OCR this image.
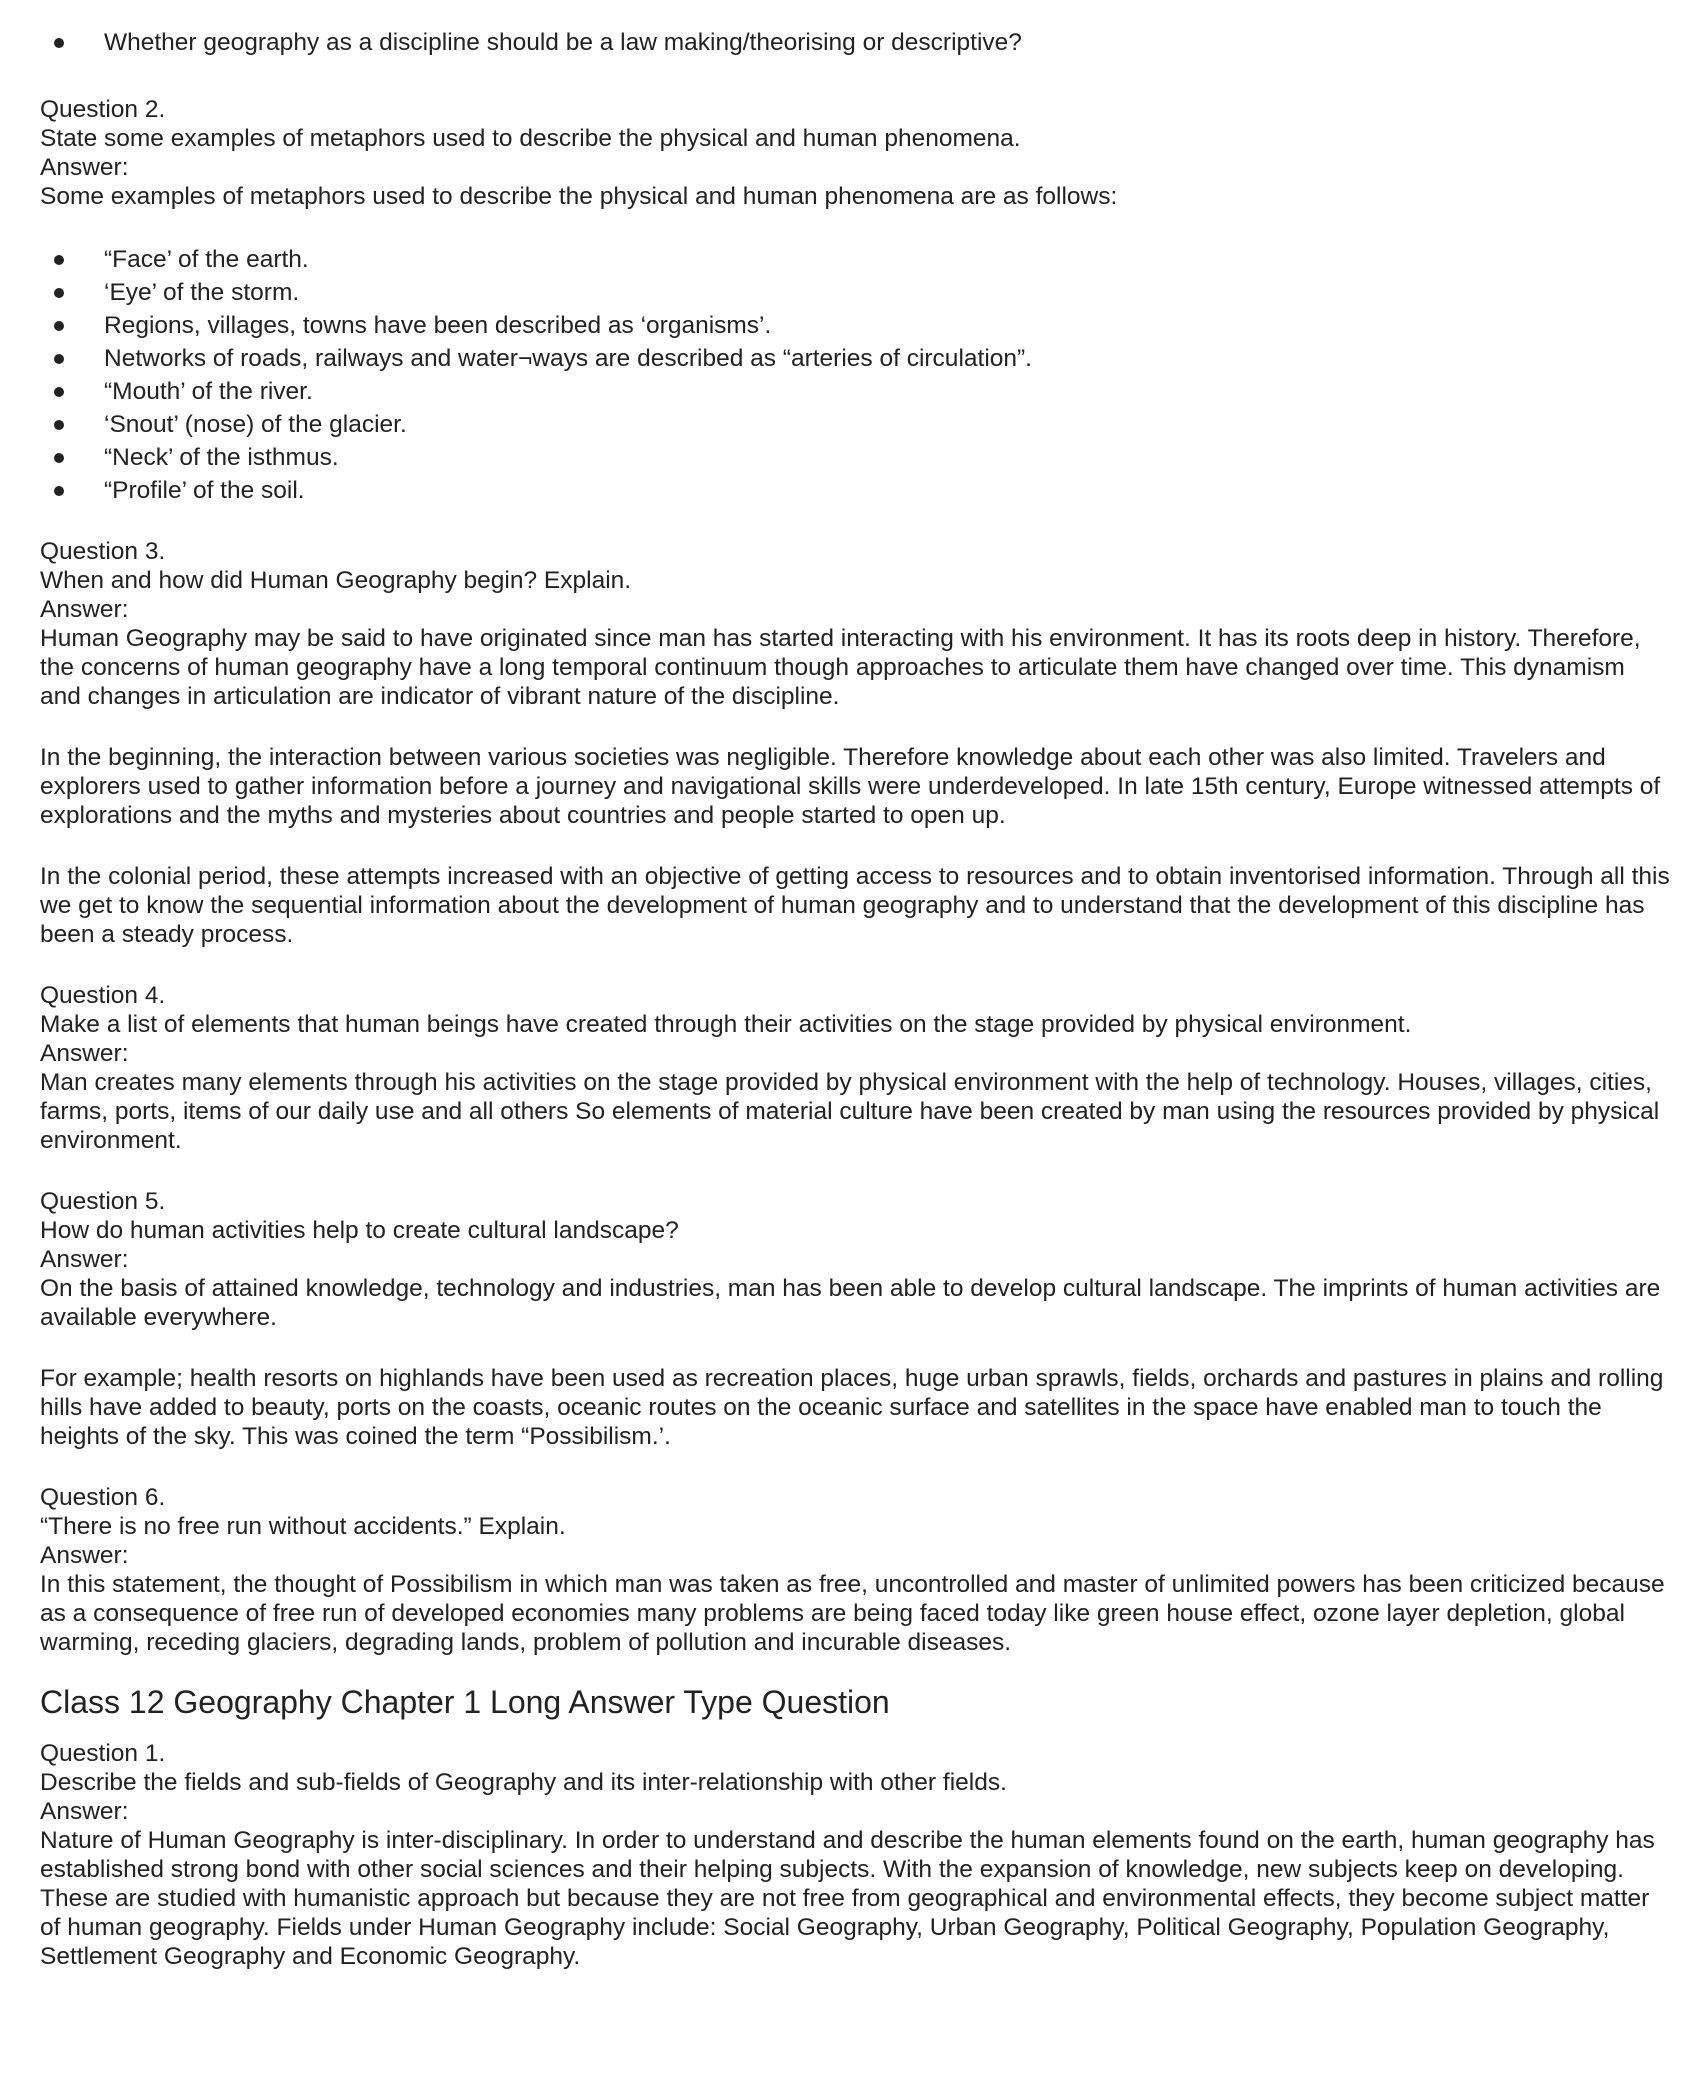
Whether geography as a discipline should be a law making/theorising or descriptive?
Question 2.
State some examples of metaphors used to describe the physical and human phenomena.
Answer:
Some examples of metaphors used to describe the physical and human phenomena are as follows:
“Face’ of the earth.
‘Eye’ of the storm.
Regions, villages, towns have been described as ‘organisms’.
Networks of roads, railways and water¬ways are described as “arteries of circulation”.
“Mouth’ of the river.
‘Snout’ (nose) of the glacier.
“Neck’ of the isthmus.
“Profile’ of the soil.
Question 3.
When and how did Human Geography begin? Explain.
Answer:

Human Geography may be said to have originated since man has started interacting with his environment. It has its roots deep in history. Therefore, the concerns of human geography have a long temporal continuum though approaches to articulate them have changed over time. This dynamism and changes in articulation are indicator of vibrant nature of the discipline.

In the beginning, the interaction between various societies was negligible. Therefore knowledge about each other was also limited. Travelers and explorers used to gather information before a journey and navigational skills were underdeveloped. In late 15th century, Europe witnessed attempts of explorations and the myths and mysteries about countries and people started to open up.

In the colonial period, these attempts increased with an objective of getting access to resources and to obtain inventorised information. Through all this we get to know the sequential information about the development of human geography and to understand that the development of this discipline has been a steady process.

Question 4.
Make a list of elements that human beings have created through their activities on the stage provided by physical environment.
Answer:

Man creates many elements through his activities on the stage provided by physical environment with the help of technology. Houses, villages, cities, farms, ports, items of our daily use and all others So elements of material culture have been created by man using the resources provided by physical environment.

Question 5.
How do human activities help to create cultural landscape?
Answer:

On the basis of attained knowledge, technology and industries, man has been able to develop cultural landscape. The imprints of human activities are available everywhere.

For example; health resorts on highlands have been used as recreation places, huge urban sprawls, fields, orchards and pastures in plains and rolling hills have added to beauty, ports on the coasts, oceanic routes on the oceanic surface and satellites in the space have enabled man to touch the heights of the sky. This was coined the term “Possibilism.’.

Question 6.
“There is no free run without accidents.” Explain.
Answer:

In this statement, the thought of Possibilism in which man was taken as free, uncontrolled and master of unlimited powers has been criticized because as a consequence of free run of developed economies many problems are being faced today like green house effect, ozone layer depletion, global warming, receding glaciers, degrading lands, problem of pollution and incurable diseases.

Class 12 Geography Chapter 1 Long Answer Type Question
Question 1.
Describe the fields and sub-fields of Geography and its inter-relationship with other fields.
Answer:

Nature of Human Geography is inter-disciplinary. In order to understand and describe the human elements found on the earth, human geography has established strong bond with other social sciences and their helping subjects. With the expansion of knowledge, new subjects keep on developing. These are studied with humanistic approach but because they are not free from geographical and environmental effects, they become subject matter of human geography. Fields under Human Geography include: Social Geography, Urban Geography, Political Geography, Population Geography, Settlement Geography and Economic Geography.
